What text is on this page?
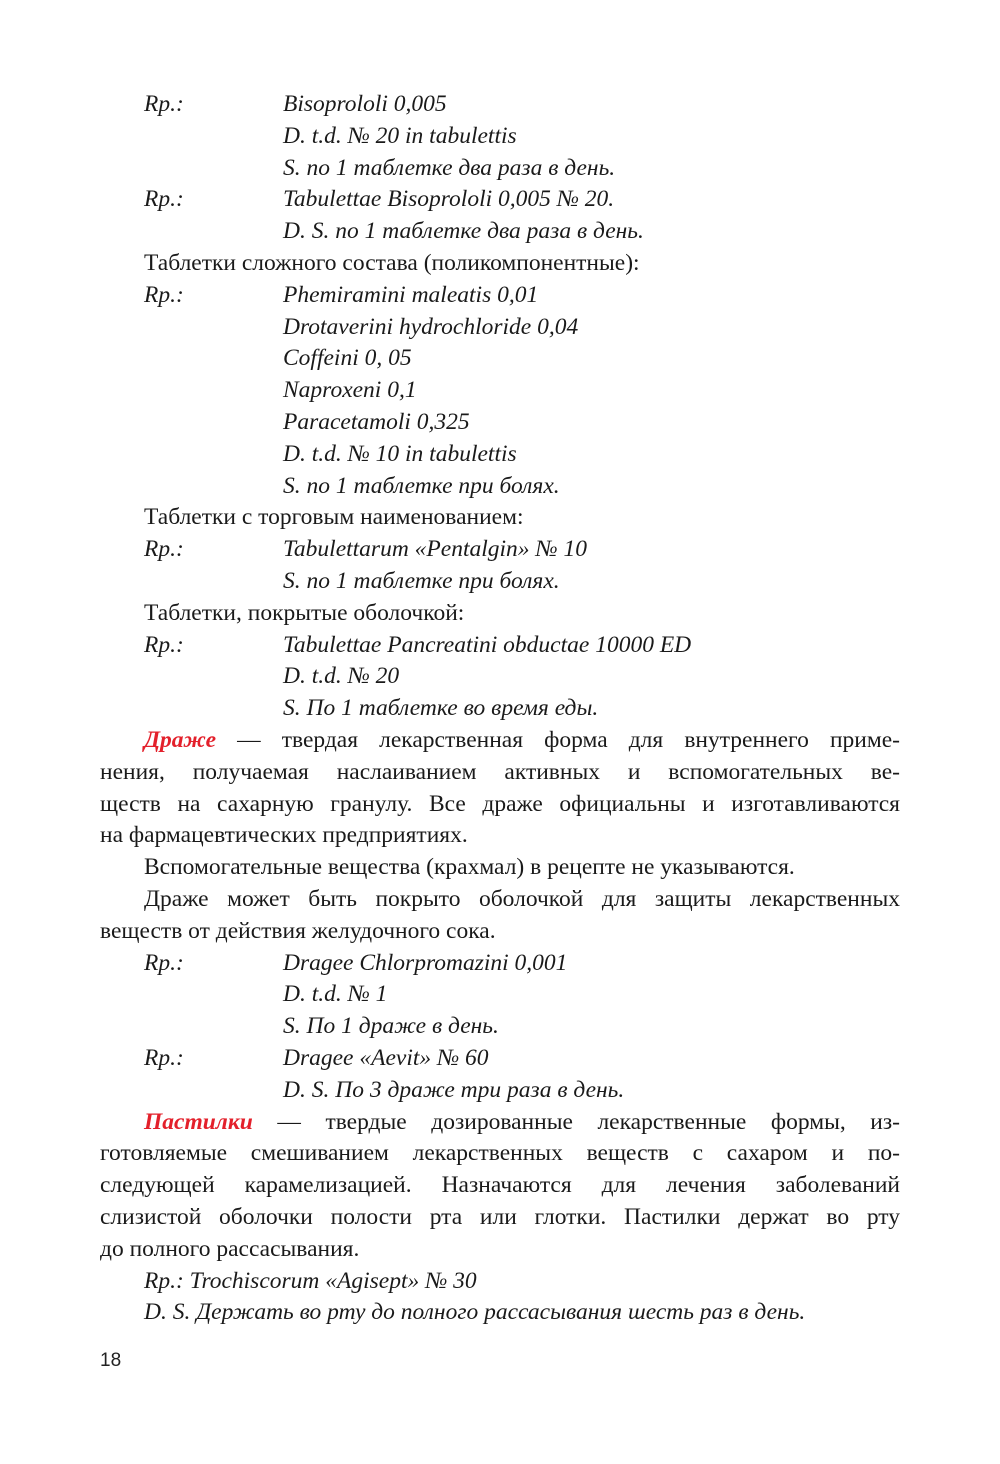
Rp.:	Bisoprololi 0,005
D. t.d. № 20 in tabulettis
S. по 1 таблетке два раза в день.
Rp.:	Tabulettae Bisoprololi 0,005 № 20.
D. S. по 1 таблетке два раза в день.
Таблетки сложного состава (поликомпонентные):
Rp.:	Phemiramini maleatis 0,01
Drotaverini hydrochloride 0,04
Coffeini 0, 05
Naproxeni 0,1
Paracetamoli 0,325
D. t.d. № 10 in tabulettis
S. по 1 таблетке при болях.
Таблетки с торговым наименованием:
Rp.:	Tabulettarum «Pentalgin» № 10
S. по 1 таблетке при болях.
Таблетки, покрытые оболочкой:
Rp.:	Tabulettae Pancreatini obductae 10000 ED
D. t.d. № 20
S. По 1 таблетке во время еды.
Драже — твердая лекарственная форма для внутреннего приме-
нения, получаемая наслаиванием активных и вспомогательных ве-
ществ на сахарную гранулу. Все драже официальны и изготавливаются
на фармацевтических предприятиях.
Вспомогательные вещества (крахмал) в рецепте не указываются.
Драже может быть покрыто оболочкой для защиты лекарственных
веществ от действия желудочного сока.
Rp.:	Dragee Chlorpromazini 0,001
D. t.d. № 1
S. По 1 драже в день.
Rp.:	Dragee «Aevit» № 60
D. S. По 3 драже три раза в день.
Пастилки — твердые дозированные лекарственные формы, из-
готовляемые смешиванием лекарственных веществ с сахаром и по-
следующей карамелизацией. Назначаются для лечения заболеваний
слизистой оболочки полости рта или глотки. Пастилки держат во рту
до полного рассасывания.
Rp.: Trochiscorum «Agisept» № 30
D. S. Держать во рту до полного рассасывания шесть раз в день.
18
